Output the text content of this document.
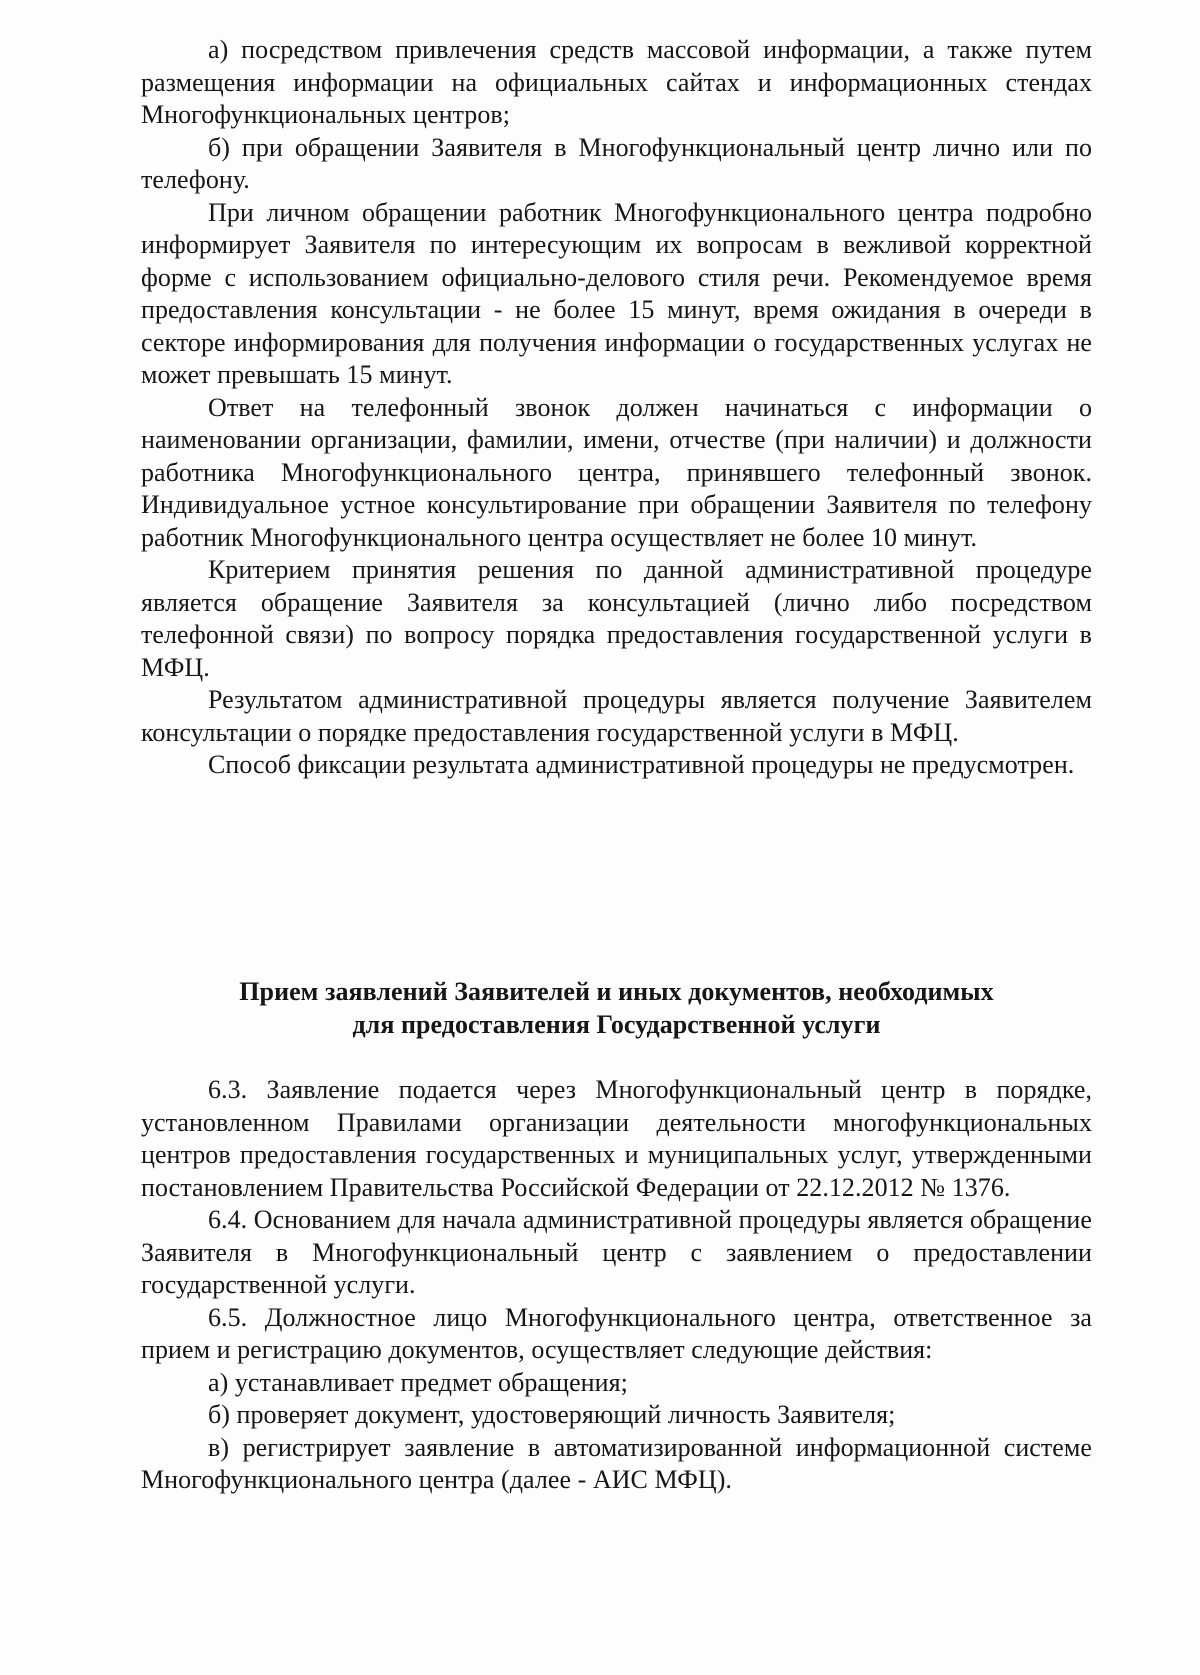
а) посредством привлечения средств массовой информации, а также путем размещения информации на официальных сайтах и информационных стендах Многофункциональных центров;

б) при обращении Заявителя в Многофункциональный центр лично или по телефону.

При личном обращении работник Многофункционального центра подробно информирует Заявителя по интересующим их вопросам в вежливой корректной форме с использованием официально-делового стиля речи. Рекомендуемое время предоставления консультации - не более 15 минут, время ожидания в очереди в секторе информирования для получения информации о государственных услугах не может превышать 15 минут.

Ответ на телефонный звонок должен начинаться с информации о наименовании организации, фамилии, имени, отчестве (при наличии) и должности работника Многофункционального центра, принявшего телефонный звонок. Индивидуальное устное консультирование при обращении Заявителя по телефону работник Многофункционального центра осуществляет не более 10 минут.

Критерием принятия решения по данной административной процедуре является обращение Заявителя за консультацией (лично либо посредством телефонной связи) по вопросу порядка предоставления государственной услуги в МФЦ.

Результатом административной процедуры является получение Заявителем консультации о порядке предоставления государственной услуги в МФЦ.

Способ фиксации результата административной процедуры не предусмотрен.

Прием заявлений Заявителей и иных документов, необходимых
для предоставления Государственной услуги

6.3. Заявление подается через Многофункциональный центр в порядке, установленном Правилами организации деятельности многофункциональных центров предоставления государственных и муниципальных услуг, утвержденными постановлением Правительства Российской Федерации от 22.12.2012 № 1376.

6.4. Основанием для начала административной процедуры является обращение Заявителя в Многофункциональный центр с заявлением о предоставлении государственной услуги.

6.5. Должностное лицо Многофункционального центра, ответственное за прием и регистрацию документов, осуществляет следующие действия:

а) устанавливает предмет обращения;

б) проверяет документ, удостоверяющий личность Заявителя;

в) регистрирует заявление в автоматизированной информационной системе Многофункционального центра (далее - АИС МФЦ).
